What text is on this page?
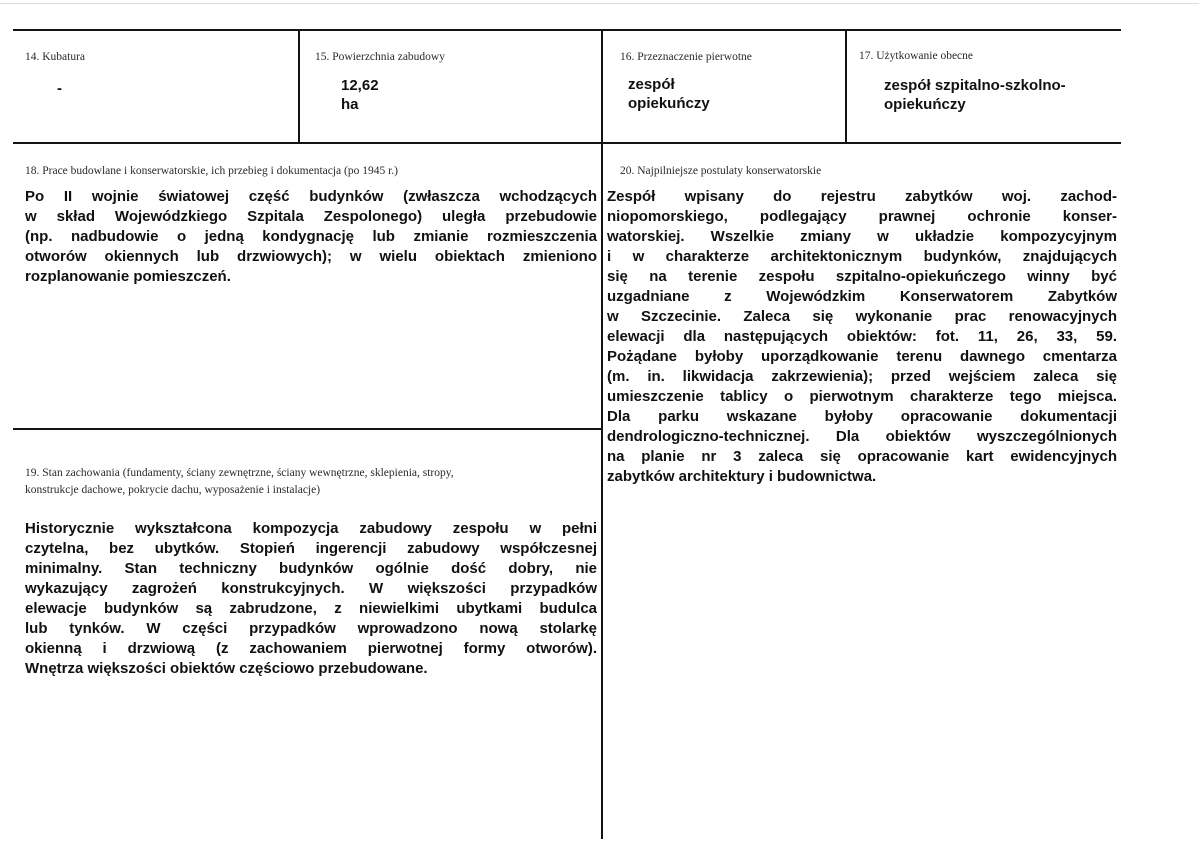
14. Kubatura
-
15. Powierzchnia zabudowy
12,62 ha
16. Przeznaczenie pierwotne
zespół opiekuńczy
17. Użytkowanie obecne
zespół szpitalno-szkolno-
opiekuńczy
18. Prace budowlane i konserwatorskie, ich przebieg i dokumentacja (po 1945 r.)
Po II wojnie światowej część budynków (zwłaszcza wchodzących
w skład Wojewódzkiego Szpitala Zespolonego) uległa przebudowie
(np. nadbudowie o jedną kondygnację lub zmianie rozmieszczenia
otworów okiennych lub drzwiowych); w wielu obiektach zmieniono
rozplanowanie pomieszczeń.
19. Stan zachowania (fundamenty, ściany zewnętrzne, ściany wewnętrzne, sklepienia, stropy,
konstrukcje dachowe, pokrycie dachu, wyposażenie i instalacje)
Historycznie wykształcona kompozycja zabudowy zespołu w pełni
czytelna, bez ubytków. Stopień ingerencji zabudowy współczesnej
minimalny. Stan techniczny budynków ogólnie dość dobry, nie
wykazujący zagrożeń konstrukcyjnych. W większości przypadków
elewacje budynków są zabrudzone, z niewielkimi ubytkami budulca
lub tynków. W części przypadków wprowadzono nową stolarkę
okienną i drzwiową (z zachowaniem pierwotnej formy otworów).
Wnętrza większości obiektów częściowo przebudowane.
20. Najpilniejsze postulaty konserwatorskie
Zespół wpisany do rejestru zabytków woj. zachod-
niopomorskiego, podlegający prawnej ochronie konser-
watorskiej. Wszelkie zmiany w układzie kompozycyjnym
i w charakterze architektonicznym budynków, znajdujących
się na terenie zespołu szpitalno-opiekuńczego winny być
uzgadniane z Wojewódzkim Konserwatorem Zabytków
w Szczecinie. Zaleca się wykonanie prac renowacyjnych
elewacji dla następujących obiektów: fot. 11, 26, 33, 59.
Pożądane byłoby uporządkowanie terenu dawnego cmentarza
(m. in. likwidacja zakrzewienia); przed wejściem zaleca się
umieszczenie tablicy o pierwotnym charakterze tego miejsca.
Dla parku wskazane byłoby opracowanie dokumentacji
dendrologiczno-technicznej. Dla obiektów wyszczególnionych
na planie nr 3 zaleca się opracowanie kart ewidencyjnych
zabytków architektury i budownictwa.
